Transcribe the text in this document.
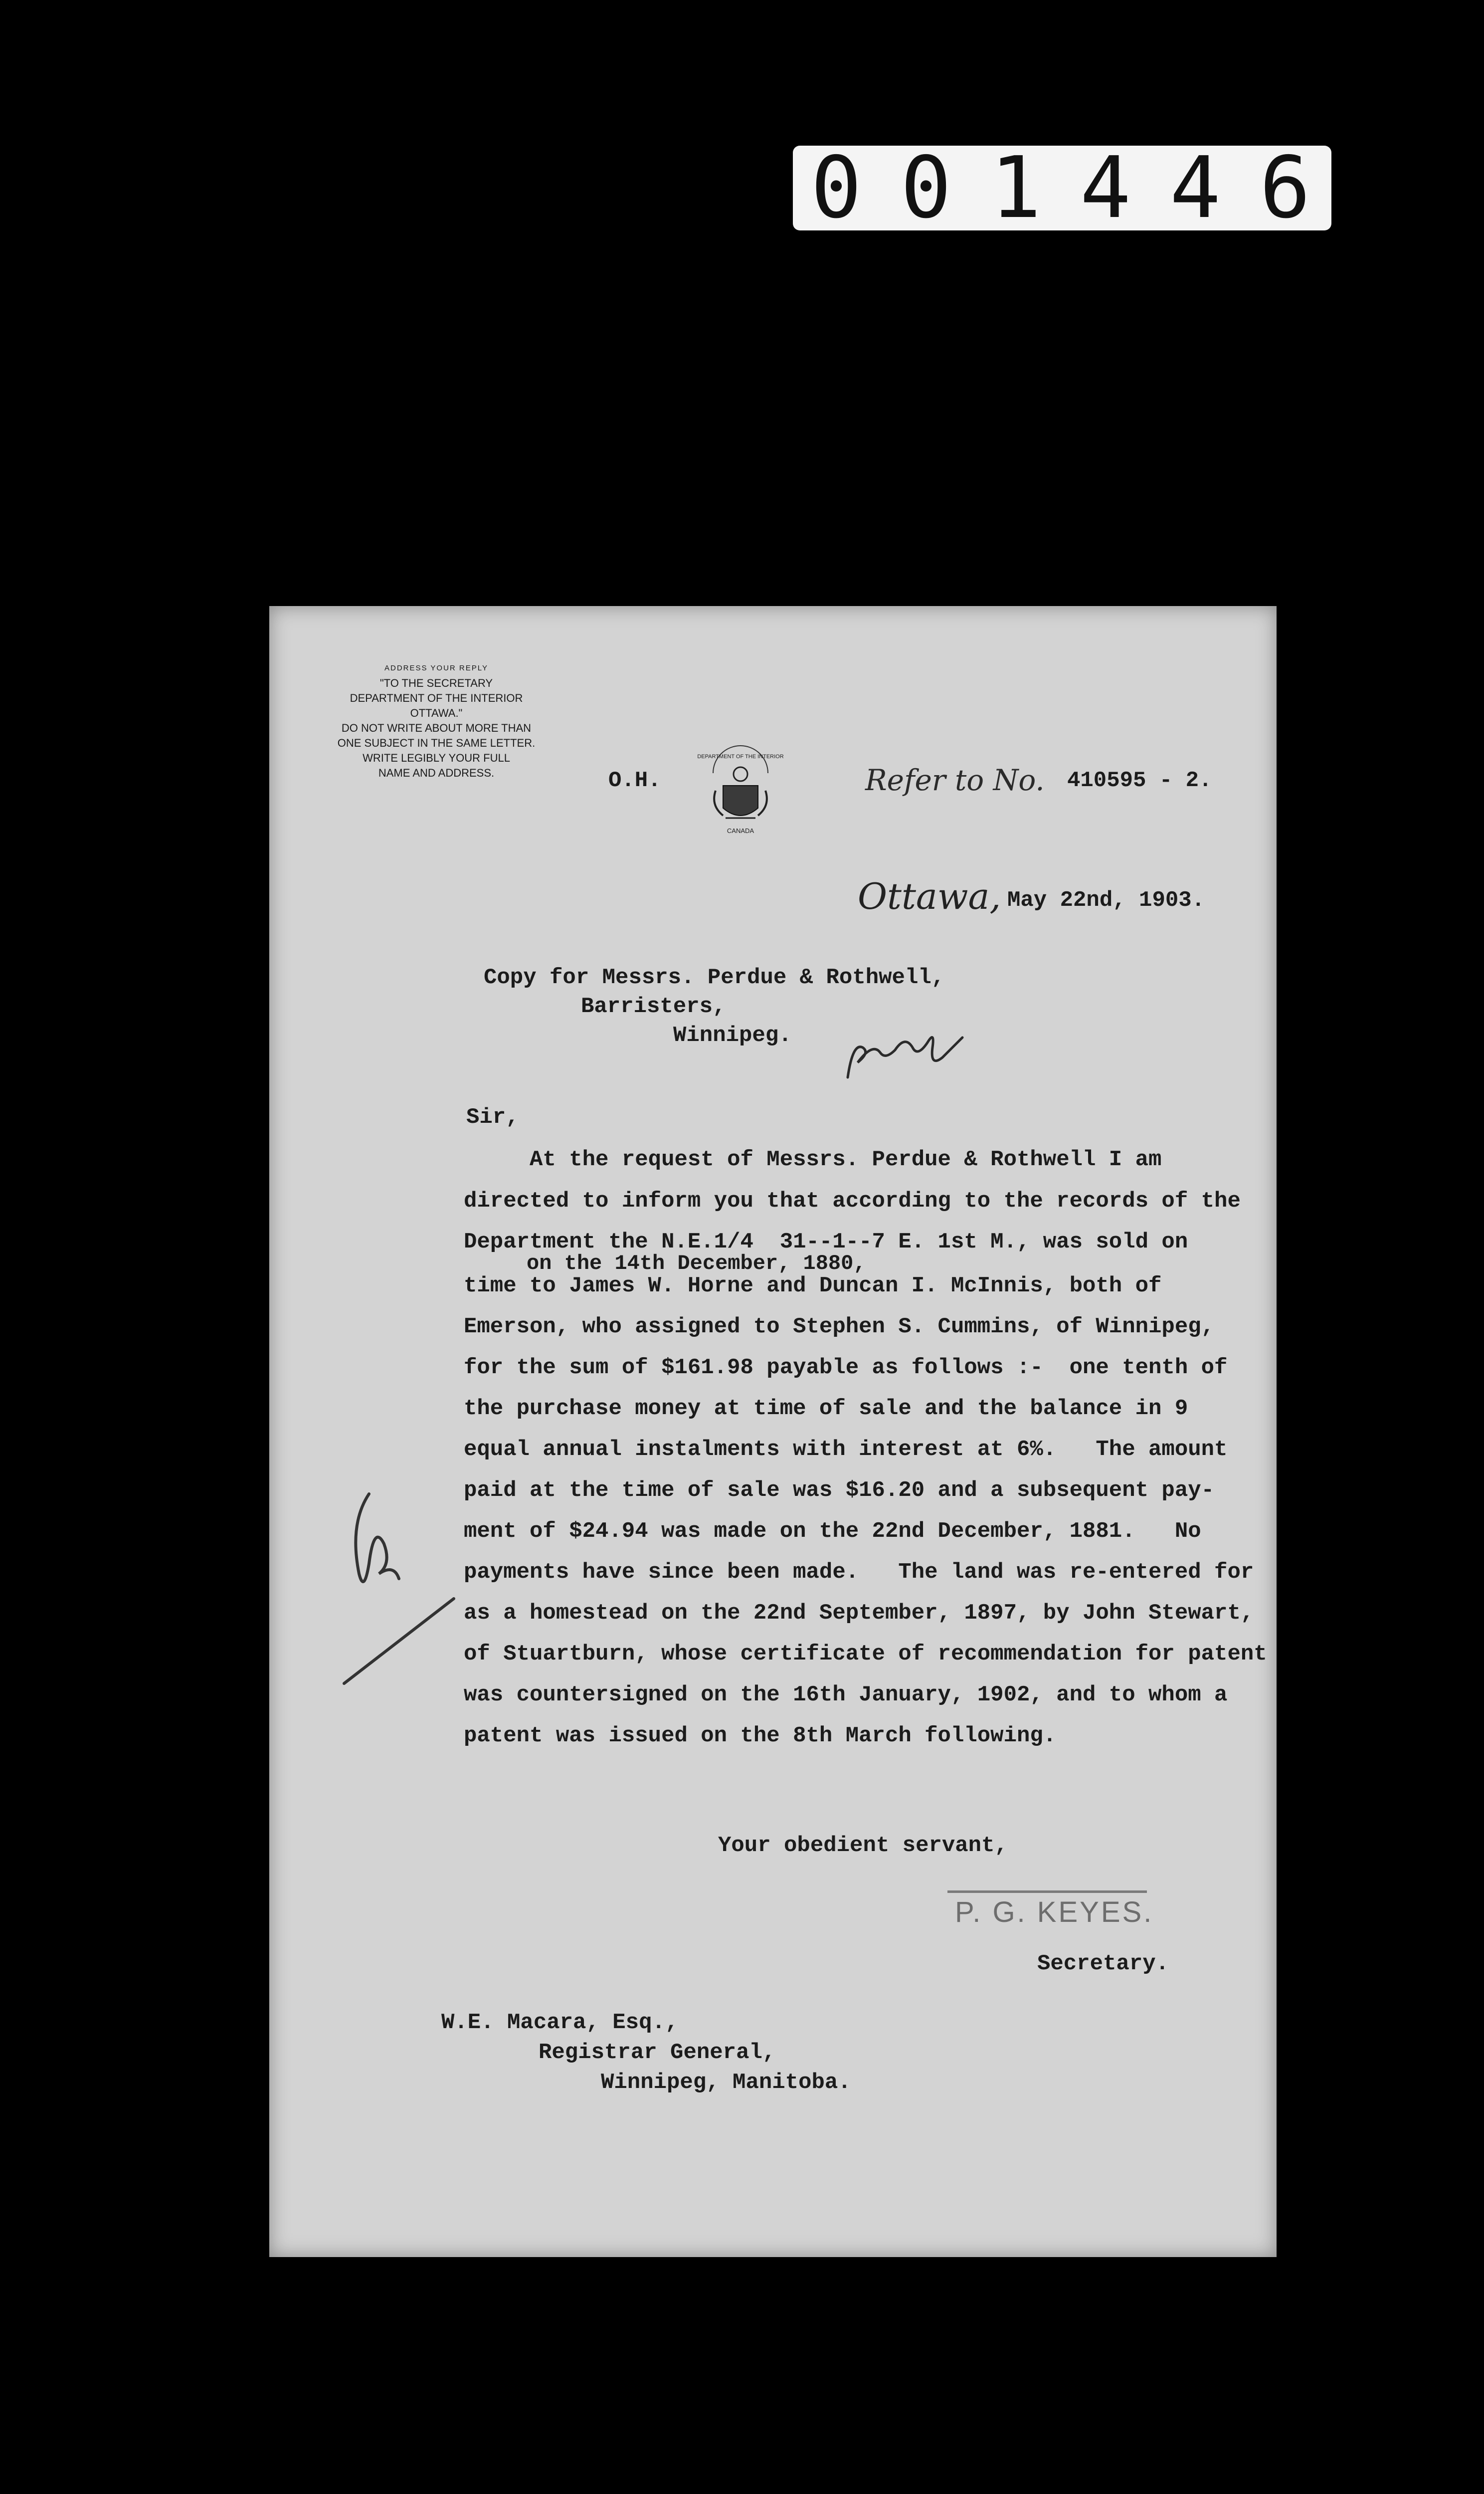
0 0 1 4 4 6
ADDRESS YOUR REPLY
"TO THE SECRETARY
DEPARTMENT OF THE INTERIOR
OTTAWA."
DO NOT WRITE ABOUT MORE THAN
ONE SUBJECT IN THE SAME LETTER.
WRITE LEGIBLY YOUR FULL
NAME AND ADDRESS.	O.H.
DEPARTMENT OF THE INTERIOR
CANADA
Refer to No. 410595 - 2.
Ottawa, May 22nd, 1903.
Copy for Messrs. Perdue & Rothwell,
Barristers,
Winnipeg.
Sir,
At the request of Messrs. Perdue & Rothwell I am
directed to inform you that according to the records of the
Department the N.E.1/4  31--1--7 E. 1st M., was sold on
on the 14th December, 1880,
time to James W. Horne and Duncan I. McInnis, both of
Emerson, who assigned to Stephen S. Cummins, of Winnipeg,
for the sum of $161.98 payable as follows :-  one tenth of
the purchase money at time of sale and the balance in 9
equal annual instalments with interest at 6%.   The amount
paid at the time of sale was $16.20 and a subsequent pay-
ment of $24.94 was made on the 22nd December, 1881.   No
payments have since been made.   The land was re-entered for
as a homestead on the 22nd September, 1897, by John Stewart,
of Stuartburn, whose certificate of recommendation for patent
was countersigned on the 16th January, 1902, and to whom a
patent was issued on the 8th March following.
Your obedient servant,
P. G. KEYES.
Secretary.
W.E. Macara, Esq.,
Registrar General,
Winnipeg, Manitoba.
